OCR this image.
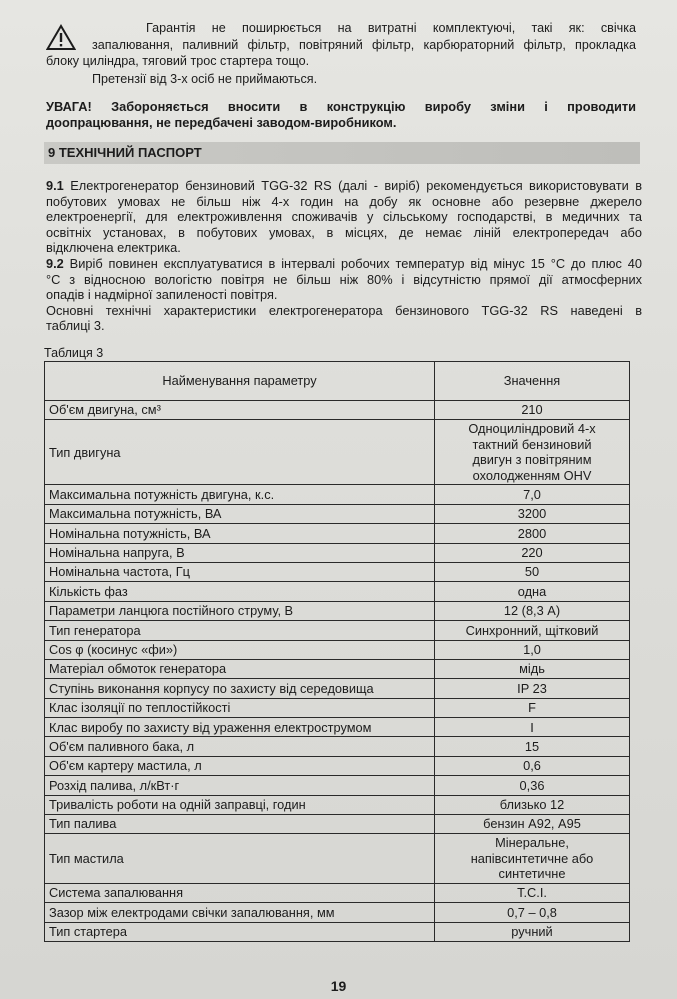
Гарантія не поширюється на витратні комплектуючі, такі як: свічка

запалювання, паливний фільтр, повітряний фільтр, карбюраторний фільтр, прокладка

блоку циліндра, тяговий трос стартера тощо.

Претензії від 3-х осіб не приймаються.

УВАГА! Забороняється вносити в конструкцію виробу зміни і проводити

доопрацювання, не передбачені заводом-виробником.

9 ТЕХНІЧНИЙ ПАСПОРТ

9.1 Електрогенератор бензиновий TGG-32 RS (далі - виріб) рекомендується використовувати в

побутових умовах не більш ніж 4-х годин на добу як основне або резервне джерело

електроенергії, для електроживлення споживачів у сільському господарстві, в медичних та

освітніх установах, в побутових умовах, в місцях, де немає ліній електропередач або

відключена електрика.

9.2 Виріб повинен експлуатуватися в інтервалі робочих температур від мінус 15 °С до плюс 40

°С з відносною вологістю повітря не більш ніж 80% і відсутністю прямої дії атмосферних

опадів і надмірної запиленості повітря.

Основні технічні характеристики електрогенератора бензинового TGG-32 RS наведені в

таблиці 3.

Таблиця 3
Найменування параметру	Значення
Об'єм двигуна, см³	210
Тип двигуна	Одноциліндровий 4-х тактний бензиновий двигун з повітряним охолодженням OHV
Максимальна потужність двигуна, к.с.	7,0
Максимальна потужність, ВА	3200
Номінальна потужність, ВА	2800
Номінальна напруга, В	220
Номінальна частота, Гц	50
Кількість фаз	одна
Параметри ланцюга постійного струму, В	12 (8,3 А)
Тип генератора	Синхронний, щітковий
Cos φ (косинус «фи»)	1,0
Матеріал обмоток генератора	мідь
Ступінь виконання корпусу по захисту від середовища	IP 23
Клас ізоляції по теплостійкості	F
Клас виробу по захисту від ураження електрострумом	I
Об'єм паливного бака, л	15
Об'єм картеру мастила, л	0,6
Розхід палива, л/кВт·г	0,36
Тривалість роботи на одній заправці, годин	близько 12
Тип палива	бензин А92, А95
Тип мастила	Мінеральне, напівсинтетичне або синтетичне
Система запалювання	T.C.I.
Зазор між електродами свічки запалювання, мм	0,7 – 0,8
Тип стартера	ручний
19
